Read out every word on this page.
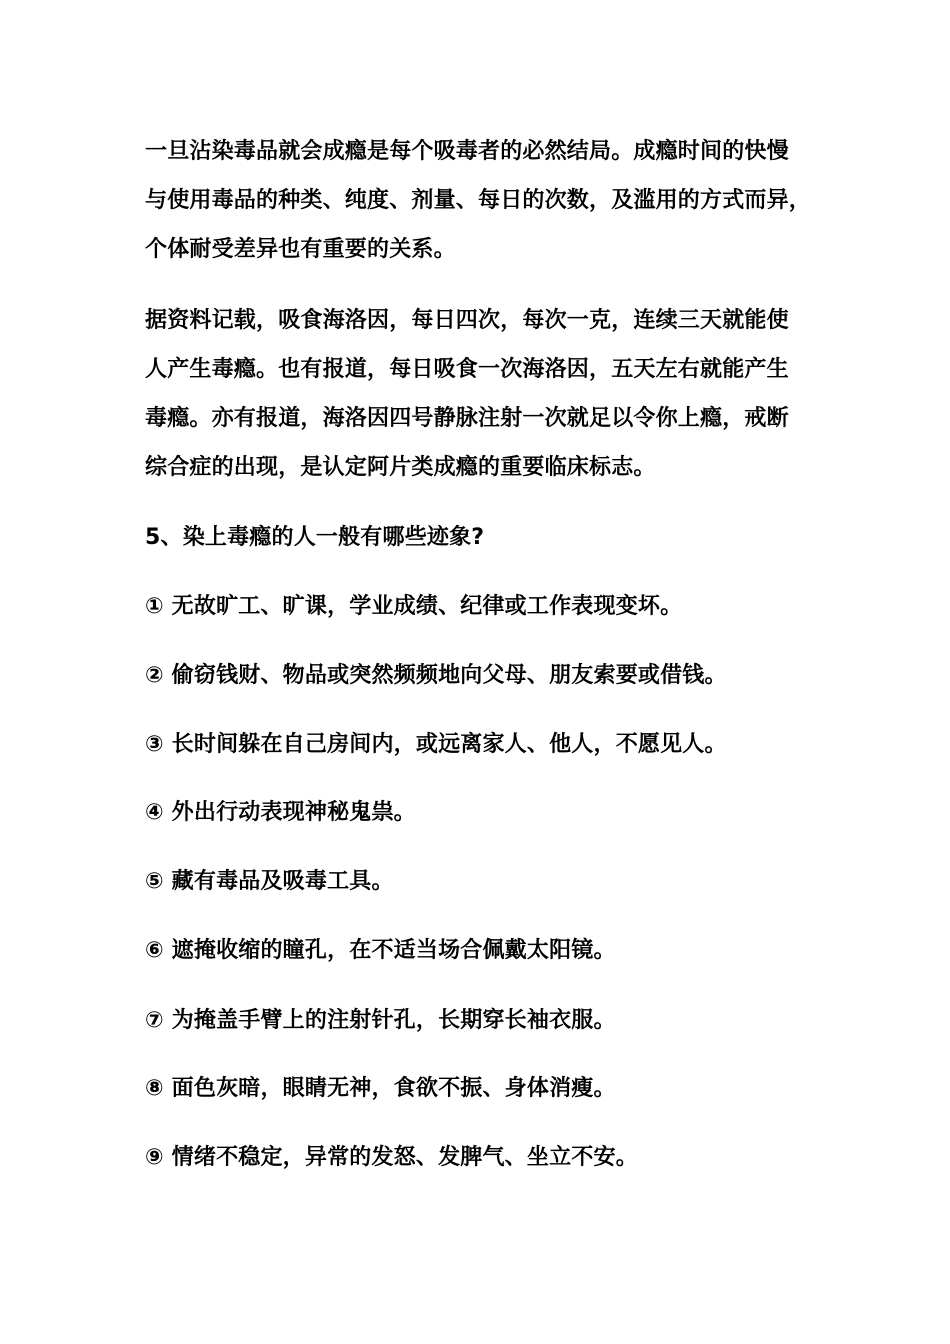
一旦沾染毒品就会成瘾是每个吸毒者的必然结局。成瘾时间的快慢
与使用毒品的种类、纯度、剂量、每日的次数，及滥用的方式而异，
个体耐受差异也有重要的关系。
据资料记载，吸食海洛因，每日四次，每次一克，连续三天就能使
人产生毒瘾。也有报道，每日吸食一次海洛因，五天左右就能产生
毒瘾。亦有报道，海洛因四号静脉注射一次就足以令你上瘾，戒断
综合症的出现，是认定阿片类成瘾的重要临床标志。
5、染上毒瘾的人一般有哪些迹象?
① 无故旷工、旷课，学业成绩、纪律或工作表现变坏。
② 偷窃钱财、物品或突然频频地向父母、朋友索要或借钱。
③ 长时间躲在自己房间内，或远离家人、他人，不愿见人。
④ 外出行动表现神秘鬼祟。
⑤ 藏有毒品及吸毒工具。
⑥ 遮掩收缩的瞳孔，在不适当场合佩戴太阳镜。
⑦ 为掩盖手臂上的注射针孔，长期穿长袖衣服。
⑧ 面色灰暗，眼睛无神，食欲不振、身体消瘦。
⑨ 情绪不稳定，异常的发怒、发脾气、坐立不安。
